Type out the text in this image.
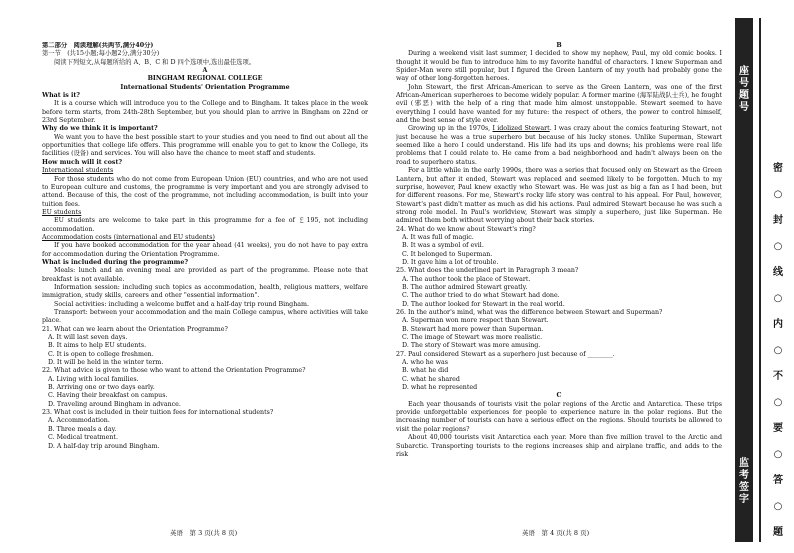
第二部分　阅读理解(共两节,满分40分)

第一节　(共15小题;每小题2分,满分30分)

阅读下列短文,从每题所给的 A、B、C 和 D 四个选项中,选出最佳选项。

A

BINGHAM REGIONAL COLLEGE

International Students' Orientation Programme

What is it?

It is a course which will introduce you to the College and to Bingham. It takes place in the week before term starts, from 24th-28th September, but you should plan to arrive in Bingham on 22nd or 23rd September.

Why do we think it is important?

We want you to have the best possible start to your studies and you need to find out about all the opportunities that college life offers. This programme will enable you to get to know the College, its facilities (设备) and services. You will also have the chance to meet staff and students.

How much will it cost?

International students

For those students who do not come from European Union (EU) countries, and who are not used to European culture and customs, the programme is very important and you are strongly advised to attend. Because of this, the cost of the programme, not including accommodation, is built into your tuition fees.

EU students

EU students are welcome to take part in this programme for a fee of ￡195, not including accommodation.

Accommodation costs (international and EU students)

If you have booked accommodation for the year ahead (41 weeks), you do not have to pay extra for accommodation during the Orientation Programme.

What is included during the programme?

Meals: lunch and an evening meal are provided as part of the programme. Please note that breakfast is not available.

Information session: including such topics as accommodation, health, religious matters, welfare immigration, study skills, careers and other "essential information".

Social activities: including a welcome buffet and a half-day trip round Bingham.

Transport: between your accommodation and the main College campus, where activities will take place.

21. What can we learn about the Orientation Programme?

A. It will last seven days.

B. It aims to help EU students.

C. It is open to college freshmen.

D. It will be held in the winter term.

22. What advice is given to those who want to attend the Orientation Programme?

A. Living with local families.

B. Arriving one or two days early.

C. Having their breakfast on campus.

D. Traveling around Bingham in advance.

23. What cost is included in their tuition fees for international students?

A. Accommodation.

B. Three meals a day.

C. Medical treatment.

D. A half-day trip around Bingham.

英语　第 3 页(共 8 页)

B

During a weekend visit last summer, I decided to show my nephew, Paul, my old comic books. I thought it would be fun to introduce him to my favorite handful of characters. I knew Superman and Spider-Man were still popular, but I figured the Green Lantern of my youth had probably gone the way of other long-forgotten heroes.

John Stewart, the first African-American to serve as the Green Lantern, was one of the first African-American superheroes to become widely popular. A former marine (海军陆战队士兵), he fought evil (邪恶) with the help of a ring that made him almost unstoppable. Stewart seemed to have everything I could have wanted for my future: the respect of others, the power to control himself, and the best sense of style ever.

Growing up in the 1970s, I idolized Stewart. I was crazy about the comics featuring Stewart, not just because he was a true superhero but because of his lucky stones. Unlike Superman, Stewart seemed like a hero I could understand. His life had its ups and downs; his problems were real life problems that I could relate to. He came from a bad neighborhood and hadn't always been on the road to superhero status.

For a little while in the early 1990s, there was a series that focused only on Stewart as the Green Lantern, but after it ended, Stewart was replaced and seemed likely to be forgotten. Much to my surprise, however, Paul knew exactly who Stewart was. He was just as big a fan as I had been, but for different reasons. For me, Stewart's rocky life story was central to his appeal. For Paul, however, Stewart's past didn't matter as much as did his actions. Paul admired Stewart because he was such a strong role model. In Paul's worldview, Stewart was simply a superhero, just like Superman. He admired them both without worrying about their back stories.

24. What do we know about Stewart's ring?

A. It was full of magic.

B. It was a symbol of evil.

C. It belonged to Superman.

D. It gave him a lot of trouble.

25. What does the underlined part in Paragraph 3 mean?

A. The author took the place of Stewart.

B. The author admired Stewart greatly.

C. The author tried to do what Stewart had done.

D. The author looked for Stewart in the real world.

26. In the author's mind, what was the difference between Stewart and Superman?

A. Superman won more respect than Stewart.

B. Stewart had more power than Superman.

C. The image of Stewart was more realistic.

D. The story of Stewart was more amusing.

27. Paul considered Stewart as a superhero just because of ________.

A. who he was

B. what he did

C. what he shared

D. what he represented

C

Each year thousands of tourists visit the polar regions of the Arctic and Antarctica. These trips provide unforgettable experiences for people to experience nature in the polar regions. But the increasing number of tourists can have a serious effect on the regions. Should tourists be allowed to visit the polar regions?

About 40,000 tourists visit Antarctica each year. More than five million travel to the Arctic and Subarctic. Transporting tourists to the regions increases ship and airplane traffic, and adds to the risk

英语　第 4 页(共 8 页)
座
号
题
号
监
考
签
字
密
○
封
○
线
○
内
○
不
○
要
○
答
○
题
